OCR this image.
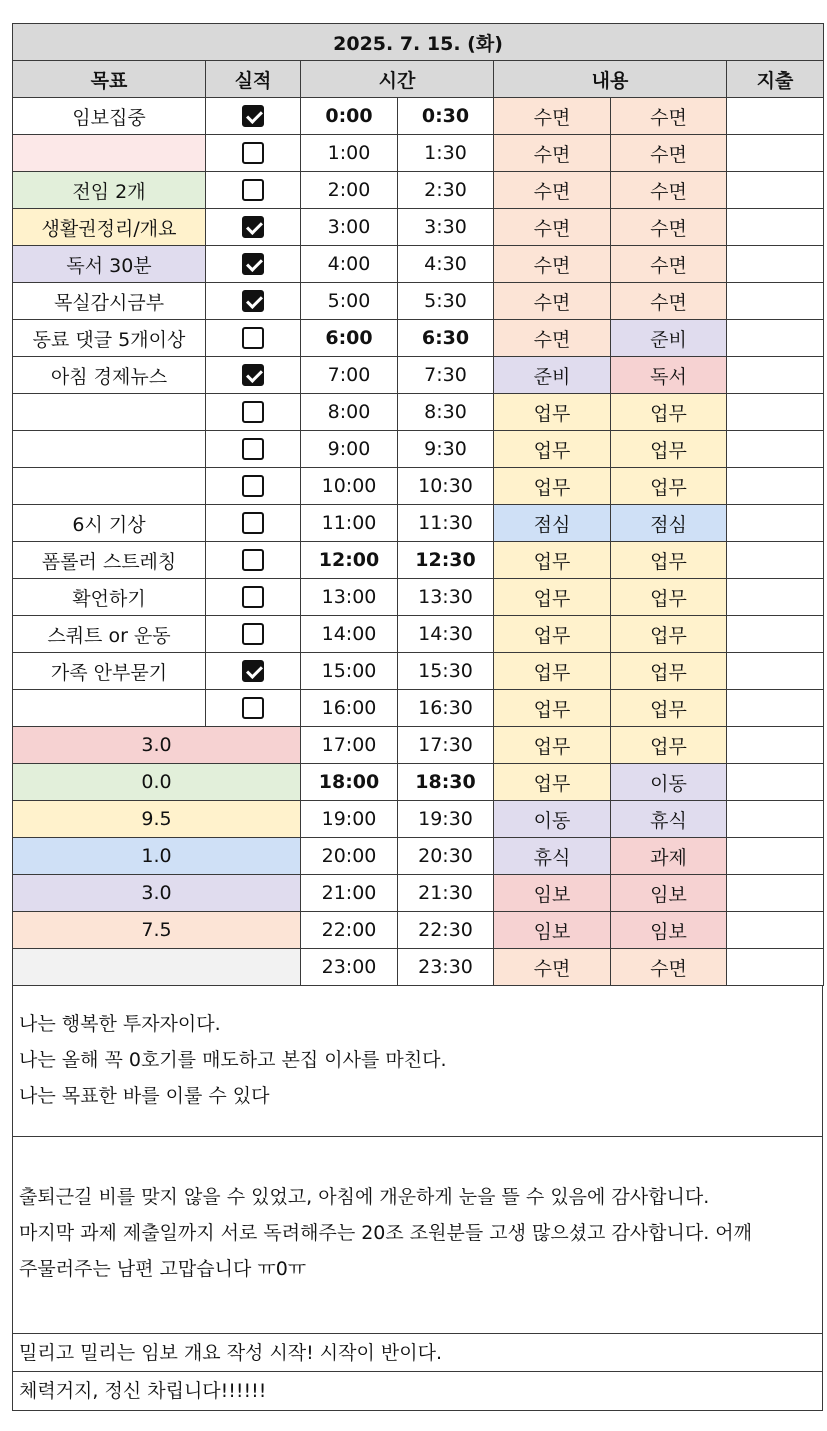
2025. 7. 15. (화)						
목표	실적	시간		내용		지출
임보집중		0:00	0:30	수면	수면	
		1:00	1:30	수면	수면	
전임 2개		2:00	2:30	수면	수면	
생활권정리/개요		3:00	3:30	수면	수면	
독서 30분		4:00	4:30	수면	수면	
목실감시금부		5:00	5:30	수면	수면	
동료 댓글 5개이상		6:00	6:30	수면	준비	
아침 경제뉴스		7:00	7:30	준비	독서	
		8:00	8:30	업무	업무	
		9:00	9:30	업무	업무	
		10:00	10:30	업무	업무	
6시 기상		11:00	11:30	점심	점심	
폼롤러 스트레칭		12:00	12:30	업무	업무	
확언하기		13:00	13:30	업무	업무	
스쿼트 or 운동		14:00	14:30	업무	업무	
가족 안부묻기		15:00	15:30	업무	업무	
		16:00	16:30	업무	업무	
3.0		17:00	17:30	업무	업무	
0.0		18:00	18:30	업무	이동	
9.5		19:00	19:30	이동	휴식	
1.0		20:00	20:30	휴식	과제	
3.0		21:00	21:30	임보	임보	
7.5		22:00	22:30	임보	임보	
		23:00	23:30	수면	수면	

나는 행복한 투자자이다.

나는 올해 꼭 0호기를 매도하고 본집 이사를 마친다.

나는 목표한 바를 이룰 수 있다

출퇴근길 비를 맞지 않을 수 있었고, 아침에 개운하게 눈을 뜰 수 있음에 감사합니다.

마지막 과제 제출일까지 서로 독려해주는 20조 조원분들 고생 많으셨고 감사합니다. 어깨

주물러주는 남편 고맙습니다 ㅠ0ㅠ

밀리고 밀리는 임보 개요 작성 시작! 시작이 반이다.
체력거지, 정신 차립니다!!!!!!
